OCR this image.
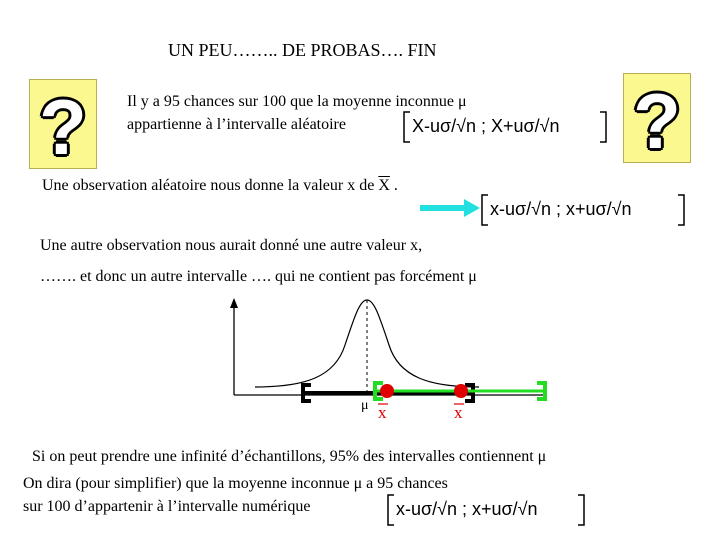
UN PEU…….. DE PROBAS…. FIN
?	?
Il y a 95 chances sur 100 que la moyenne inconnue μ
appartienne à l’intervalle aléatoire	X-uσ/√n ; X+uσ/√n
Une observation aléatoire nous donne la valeur x de $\overline{X}$ .
x-uσ/√n ; x+uσ/√n
Une autre observation nous aurait donné une autre valeur x,
……. et donc un autre intervalle …. qui ne contient pas forcément μ
μ x	x
Si on peut prendre une infinité d’échantillons, 95% des intervalles contiennent μ
On dira (pour simplifier) que la moyenne inconnue μ a 95 chances
sur 100 d’appartenir à l’intervalle numérique	x-uσ/√n ; x+uσ/√n
